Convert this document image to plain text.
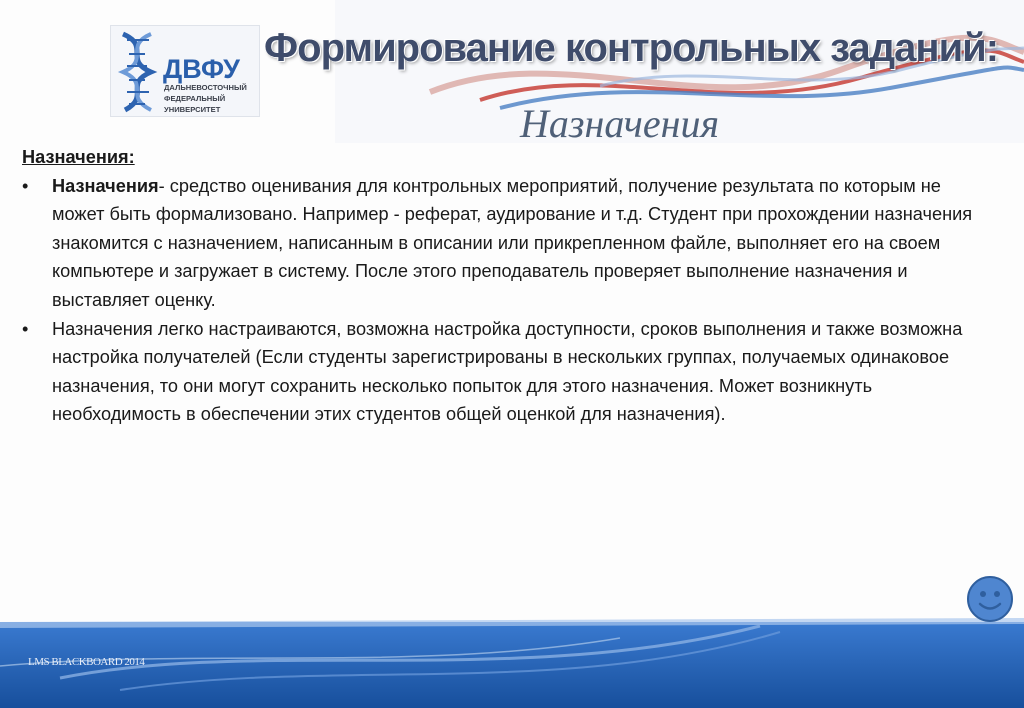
ДВФУ
ДАЛЬНЕВОСТОЧНЫЙ
ФЕДЕРАЛЬНЫЙ
УНИВЕРСИТЕТ
Формирование контрольных заданий:
Назначения
Назначения:
• Назначения- средство оценивания для контрольных мероприятий, получение результата по которым не может быть формализовано. Например - реферат, аудирование и т.д. Студент при прохождении назначения знакомится с назначением, написанным в описании или прикрепленном файле, выполняет его на своем компьютере и загружает в систему. После этого преподаватель проверяет выполнение назначения и выставляет оценку.
• Назначения легко настраиваются, возможна настройка доступности, сроков выполнения и также возможна настройка получателей (Если студенты зарегистрированы в нескольких группах, получаемых одинаковое назначения, то они могут сохранить несколько попыток для этого назначения. Может возникнуть необходимость в обеспечении этих студентов общей оценкой для назначения).
LMS BLACKBOARD 2014
